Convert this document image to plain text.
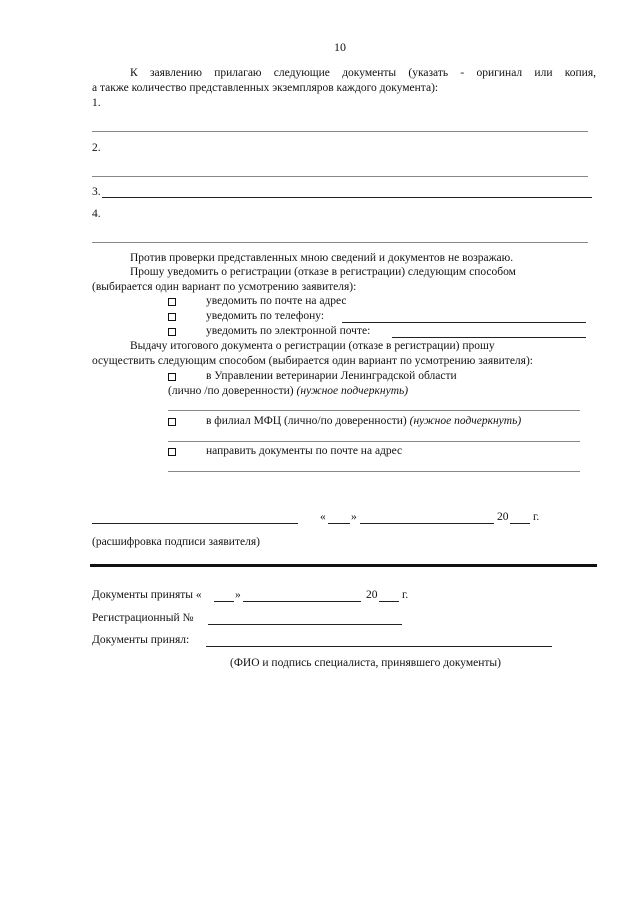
10
К заявлению прилагаю следующие документы (указать - оригинал или копия,
а также количество представленных экземпляров каждого документа):
1.
2.
3.
4.
Против проверки представленных мною сведений и документов не возражаю.
Прошу уведомить о регистрации (отказе в регистрации) следующим способом
(выбирается один вариант по усмотрению заявителя):
уведомить по почте на адрес
уведомить по телефону:
уведомить по электронной почте:
Выдачу итогового документа о регистрации (отказе в регистрации) прошу
осуществить следующим способом (выбирается один вариант по усмотрению заявителя):
в Управлении ветеринарии Ленинградской области
(лично /по доверенности) (нужное подчеркнуть)
в филиал МФЦ (лично/по доверенности) (нужное подчеркнуть)
направить документы по почте на адрес
« »	20 г.
(расшифровка подписи заявителя)
Документы приняты «	»	20 г.
Регистрационный №
Документы принял:
(ФИО и подпись специалиста, принявшего документы)
